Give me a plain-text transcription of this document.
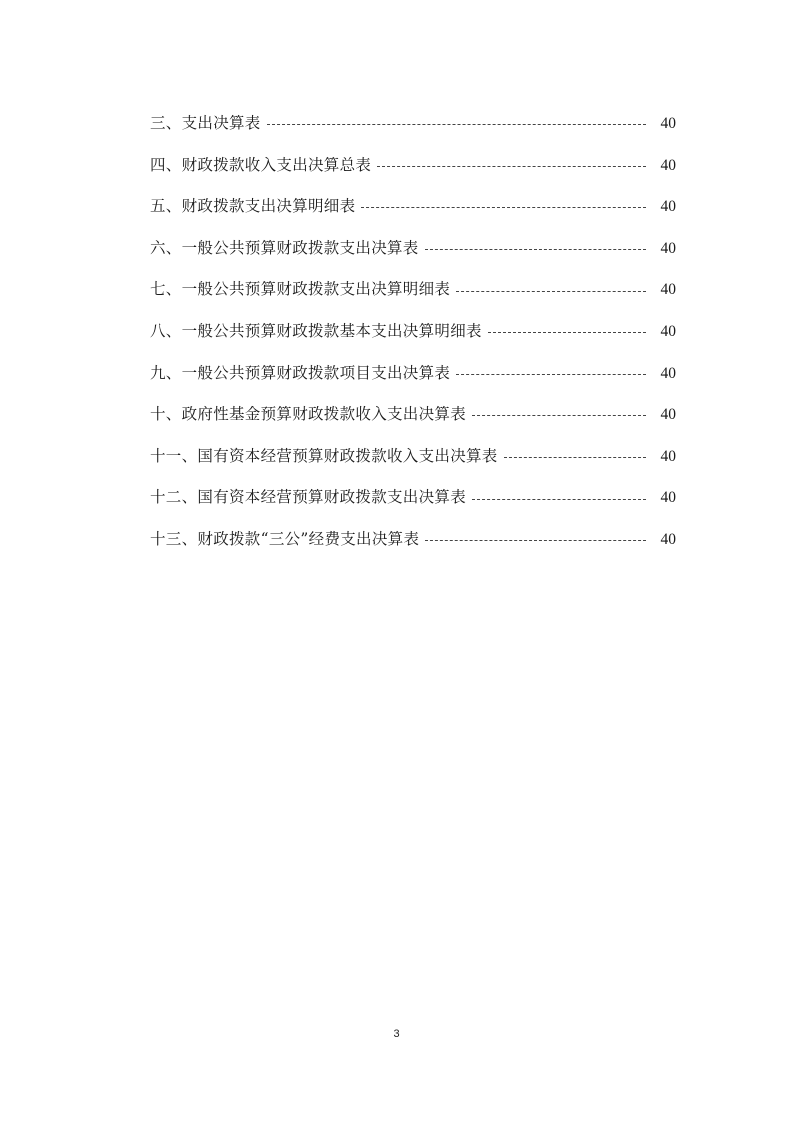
三、支出决算表	40
四、财政拨款收入支出决算总表	40
五、财政拨款支出决算明细表	40
六、一般公共预算财政拨款支出决算表	40
七、一般公共预算财政拨款支出决算明细表	40
八、一般公共预算财政拨款基本支出决算明细表	40
九、一般公共预算财政拨款项目支出决算表	40
十、政府性基金预算财政拨款收入支出决算表	40
十一、国有资本经营预算财政拨款收入支出决算表	40
十二、国有资本经营预算财政拨款支出决算表	40
十三、财政拨款“三公”经费支出决算表	40
3
